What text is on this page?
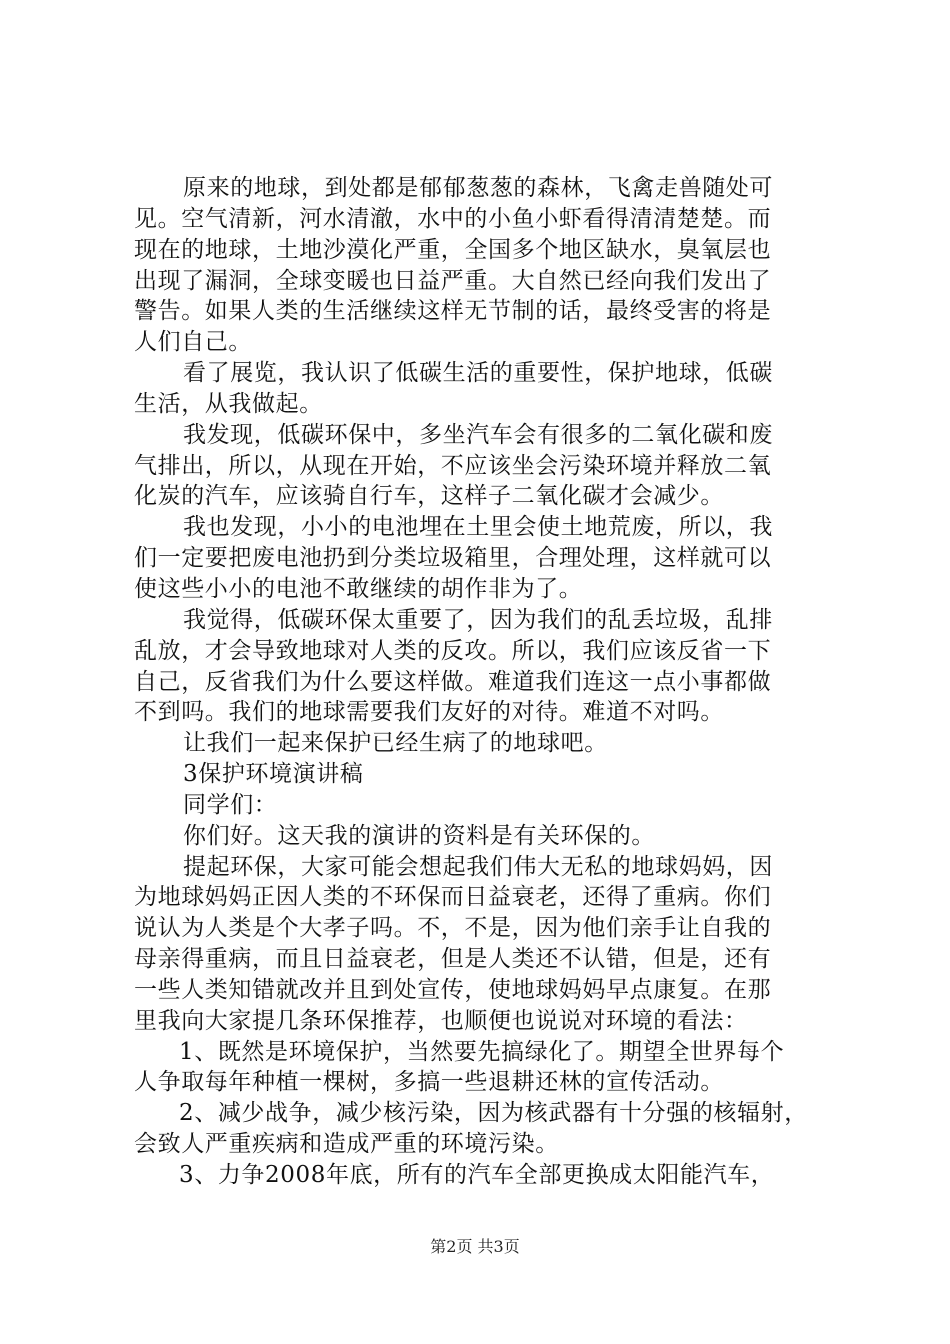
原来的地球，到处都是郁郁葱葱的森林，飞禽走兽随处可
见。空气清新，河水清澈，水中的小鱼小虾看得清清楚楚。而
现在的地球，土地沙漠化严重，全国多个地区缺水，臭氧层也
出现了漏洞，全球变暖也日益严重。大自然已经向我们发出了
警告。如果人类的生活继续这样无节制的话，最终受害的将是
人们自己。
看了展览，我认识了低碳生活的重要性，保护地球，低碳
生活，从我做起。
我发现，低碳环保中，多坐汽车会有很多的二氧化碳和废
气排出，所以，从现在开始，不应该坐会污染环境并释放二氧
化炭的汽车，应该骑自行车，这样子二氧化碳才会减少。
我也发现，小小的电池埋在土里会使土地荒废，所以，我
们一定要把废电池扔到分类垃圾箱里，合理处理，这样就可以
使这些小小的电池不敢继续的胡作非为了。
我觉得，低碳环保太重要了，因为我们的乱丢垃圾，乱排
乱放，才会导致地球对人类的反攻。所以，我们应该反省一下
自己，反省我们为什么要这样做。难道我们连这一点小事都做
不到吗。我们的地球需要我们友好的对待。难道不对吗。
让我们一起来保护已经生病了的地球吧。
3保护环境演讲稿
同学们：
你们好。这天我的演讲的资料是有关环保的。
提起环保，大家可能会想起我们伟大无私的地球妈妈，因
为地球妈妈正因人类的不环保而日益衰老，还得了重病。你们
说认为人类是个大孝子吗。不，不是，因为他们亲手让自我的
母亲得重病，而且日益衰老，但是人类还不认错，但是，还有
一些人类知错就改并且到处宣传，使地球妈妈早点康复。在那
里我向大家提几条环保推荐，也顺便也说说对环境的看法：
1、既然是环境保护，当然要先搞绿化了。期望全世界每个
人争取每年种植一棵树，多搞一些退耕还林的宣传活动。
2、减少战争，减少核污染，因为核武器有十分强的核辐射，
会致人严重疾病和造成严重的环境污染。
3、力争2008年底，所有的汽车全部更换成太阳能汽车，
第2页 共3页
